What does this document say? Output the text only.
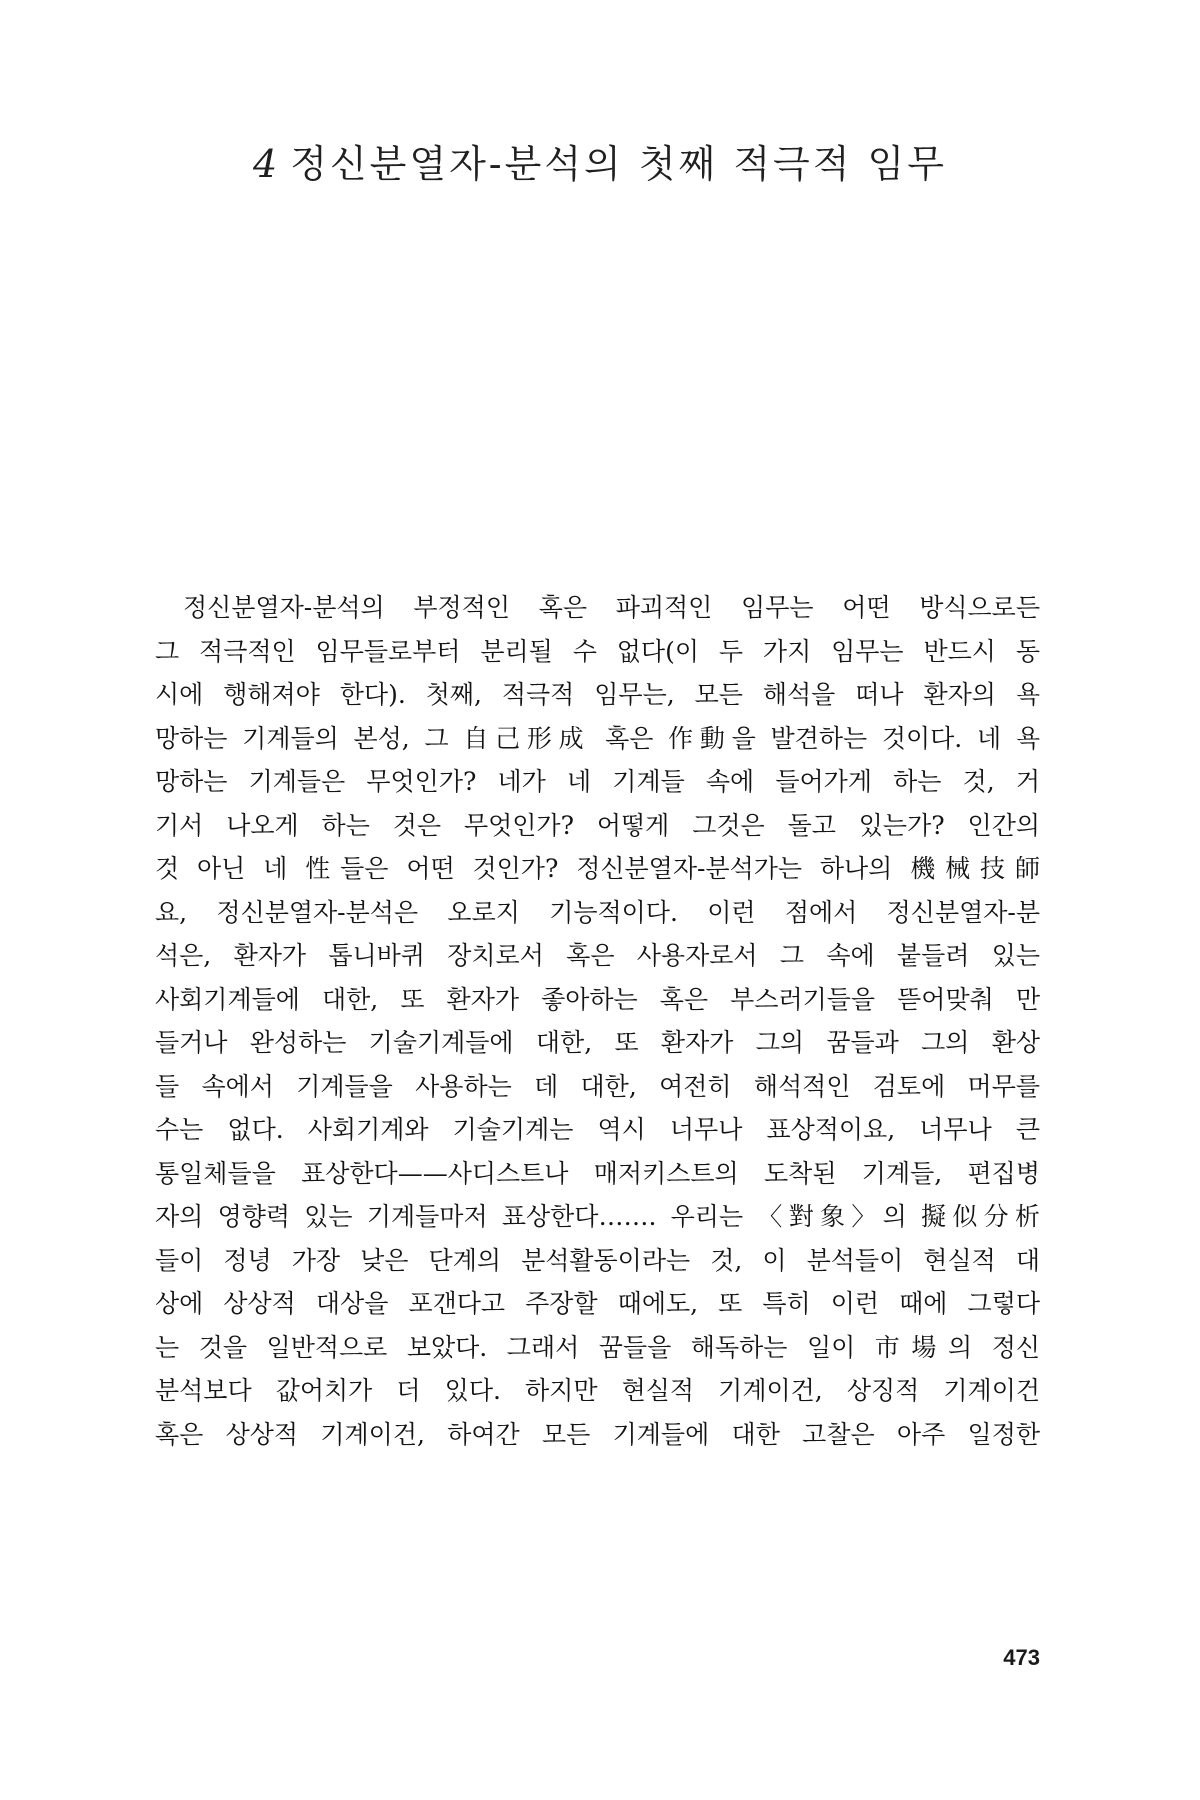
4 정신분열자-분석의 첫째 적극적 임무
정신분열자-분석의 부정적인 혹은 파괴적인 임무는 어떤 방식으로든
그 적극적인 임무들로부터 분리될 수 없다(이 두 가지 임무는 반드시 동
시에 행해져야 한다). 첫째, 적극적 임무는, 모든 해석을 떠나 환자의 욕
망하는 기계들의 본성, 그 自己形成 혹은 作動을 발견하는 것이다. 네 욕
망하는 기계들은 무엇인가? 네가 네 기계들 속에 들어가게 하는 것, 거
기서 나오게 하는 것은 무엇인가? 어떻게 그것은 돌고 있는가? 인간의
것 아닌 네 性들은 어떤 것인가? 정신분열자-분석가는 하나의 機械技師
요, 정신분열자-분석은 오로지 기능적이다. 이런 점에서 정신분열자-분
석은, 환자가 톱니바퀴 장치로서 혹은 사용자로서 그 속에 붙들려 있는
사회기계들에 대한, 또 환자가 좋아하는 혹은 부스러기들을 뜯어맞춰 만
들거나 완성하는 기술기계들에 대한, 또 환자가 그의 꿈들과 그의 환상
들 속에서 기계들을 사용하는 데 대한, 여전히 해석적인 검토에 머무를
수는 없다. 사회기계와 기술기계는 역시 너무나 표상적이요, 너무나 큰
통일체들을 표상한다——사디스트나 매저키스트의 도착된 기계들, 편집병
자의 영향력 있는 기계들마저 표상한다……. 우리는 〈對象〉의 擬似分析
들이 정녕 가장 낮은 단계의 분석활동이라는 것, 이 분석들이 현실적 대
상에 상상적 대상을 포갠다고 주장할 때에도, 또 특히 이런 때에 그렇다
는 것을 일반적으로 보았다. 그래서 꿈들을 해독하는 일이 市場의 정신
분석보다 값어치가 더 있다. 하지만 현실적 기계이건, 상징적 기계이건
혹은 상상적 기계이건, 하여간 모든 기계들에 대한 고찰은 아주 일정한
473
